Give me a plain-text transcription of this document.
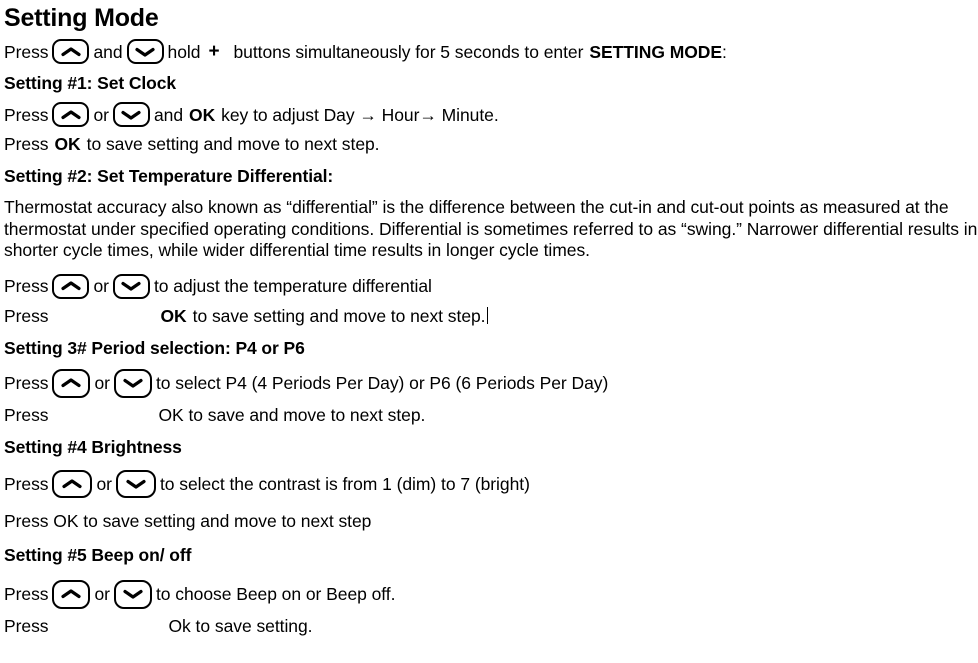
Setting Mode
Press	and	hold + buttons simultaneously for 5 seconds to enter SETTING MODE :
Setting #1: Set Clock
Press	or	and OK key to adjust Day → Hour→ Minute.
Press OK to save setting and move to next step.
Setting #2: Set Temperature Differential:

Thermostat accuracy also known as “differential” is the difference between the cut-in and cut-out points as measured at the thermostat under specified operating conditions. Differential is sometimes referred to as “swing.” Narrower differential results in shorter cycle times, while wider differential time results in longer cycle times.

Press	or	to adjust the temperature differential
Press	OK to save setting and move to next step.
Setting 3# Period selection: P4 or P6
Press	or	to select P4 (4 Periods Per Day) or P6 (6 Periods Per Day)
Press	OK to save and move to next step.
Setting #4 Brightness
Press	or	to select the contrast is from 1 (dim) to 7 (bright)
Press OK to save setting and move to next step
Setting #5 Beep on/ off
Press	or	to choose Beep on or Beep off.
Press	Ok to save setting.
